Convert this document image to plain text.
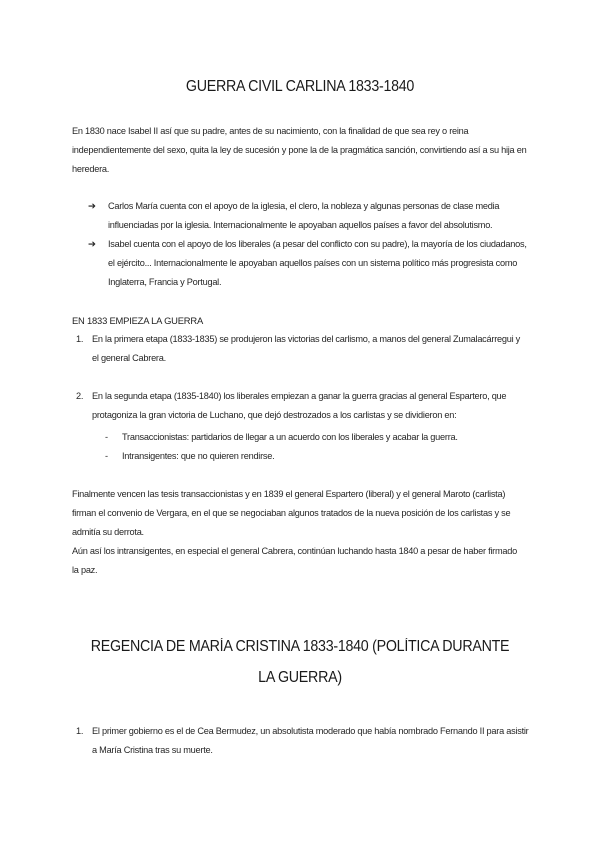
GUERRA CIVIL CARLINA 1833-1840

En 1830 nace Isabel II así que su padre, antes de su nacimiento, con la finalidad de que sea rey o reina independientemente del sexo, quita la ley de sucesión y pone la de la pragmática sanción, convirtiendo así a su hija en heredera.

➔ Carlos María cuenta con el apoyo de la iglesia, el clero, la nobleza y algunas personas de clase media influenciadas por la iglesia. Internacionalmente le apoyaban aquellos países a favor del absolutismo.

➔ Isabel cuenta con el apoyo de los liberales (a pesar del conflicto con su padre), la mayoría de los ciudadanos, el ejército... Internacionalmente le apoyaban aquellos países con un sistema político más progresista como Inglaterra, Francia y Portugal.

EN 1833 EMPIEZA LA GUERRA
1. En la primera etapa (1833-1835) se produjeron las victorias del carlismo, a manos del general Zumalacárregui y el general Cabrera.

2. En la segunda etapa (1835-1840) los liberales empiezan a ganar la guerra gracias al general Espartero, que protagoniza la gran victoria de Luchano, que dejó destrozados a los carlistas y se dividieron en:

- Transaccionistas: partidarios de llegar a un acuerdo con los liberales y acabar la guerra.

- Intransigentes: que no quieren rendirse.

Finalmente vencen las tesis transaccionistas y en 1839 el general Espartero (liberal) y el general Maroto (carlista) firman el convenio de Vergara, en el que se negociaban algunos tratados de la nueva posición de los carlistas y se admitía su derrota.

Aún así los intransigentes, en especial el general Cabrera, continúan luchando hasta 1840 a pesar de haber firmado la paz.

REGENCIA DE MARÍA CRISTINA 1833-1840 (POLÍTICA DURANTE
LA GUERRA)
1. El primer gobierno es el de Cea Bermudez, un absolutista moderado que había nombrado Fernando II para asistir a María Cristina tras su muerte.
